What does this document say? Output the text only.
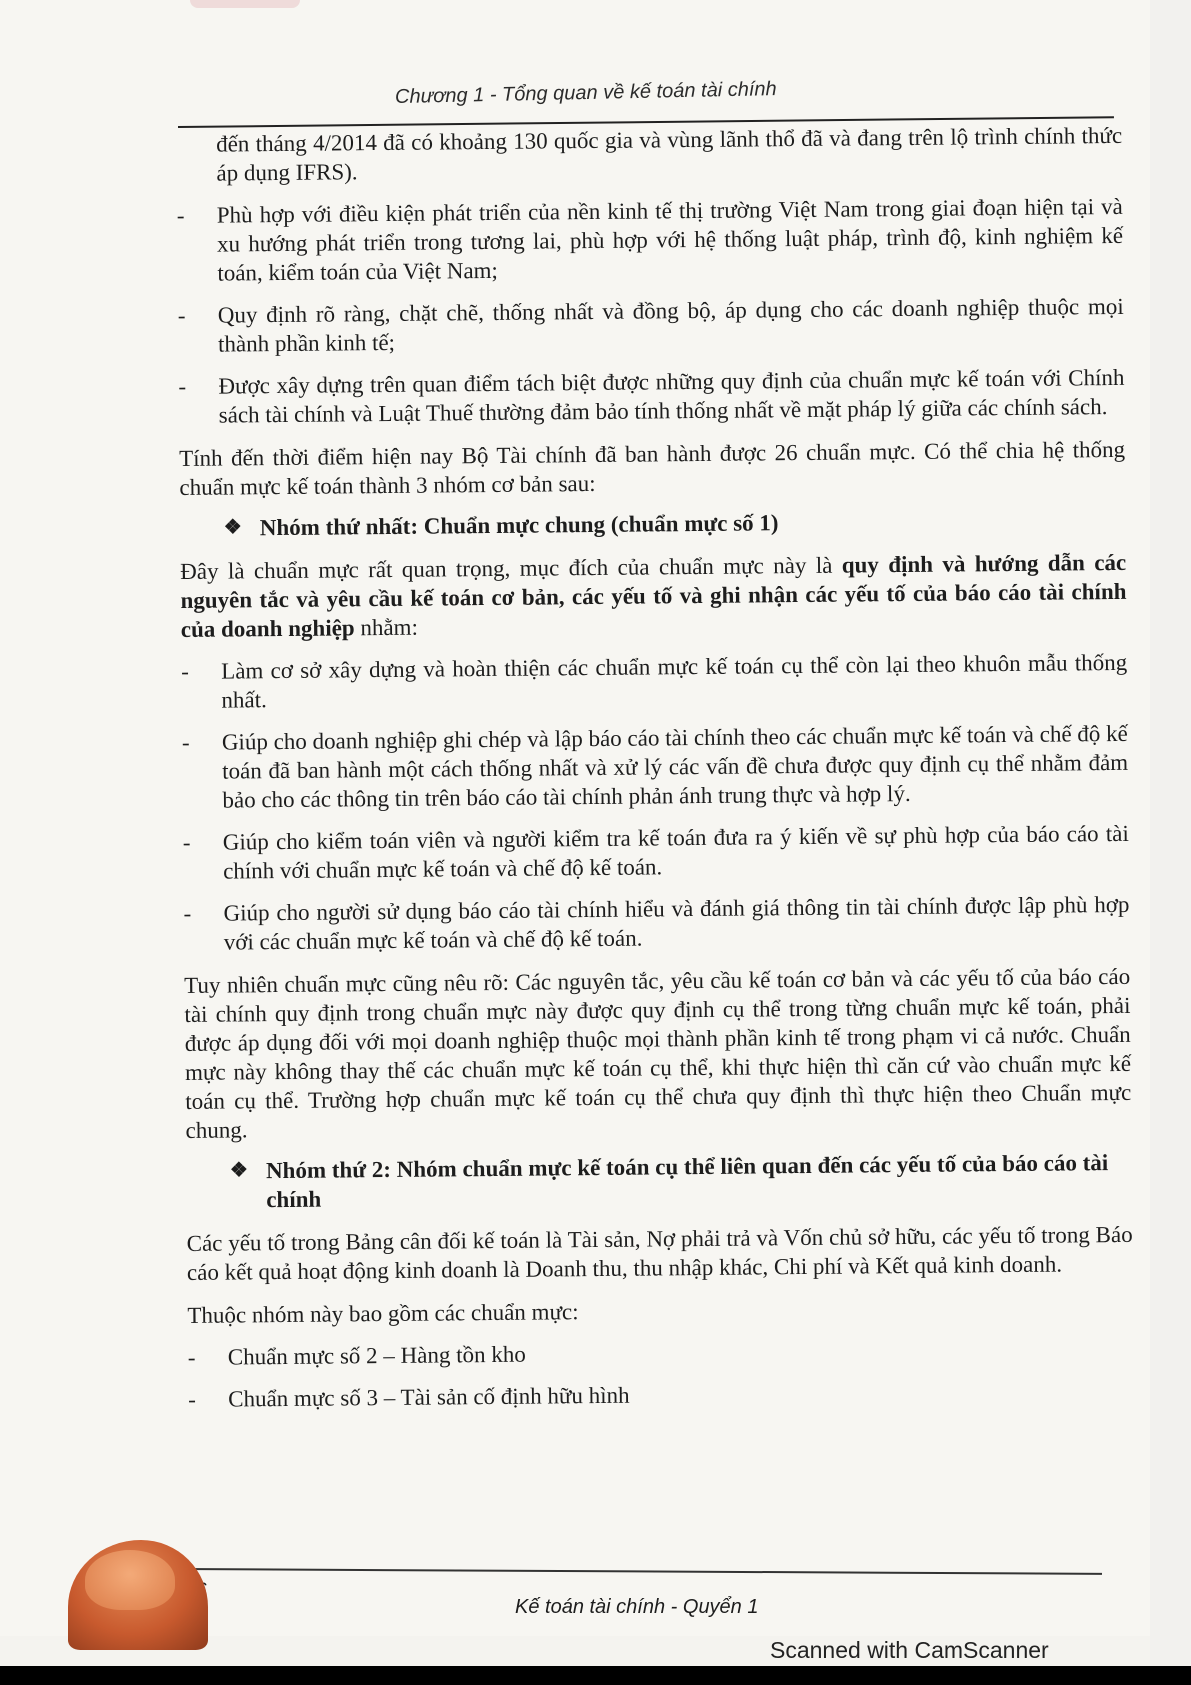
Chương 1 - Tổng quan về kế toán tài chính

đến tháng 4/2014 đã có khoảng 130 quốc gia và vùng lãnh thổ đã và đang trên lộ trình chính thức áp dụng IFRS).

- Phù hợp với điều kiện phát triển của nền kinh tế thị trường Việt Nam trong giai đoạn hiện tại và xu hướng phát triển trong tương lai, phù hợp với hệ thống luật pháp, trình độ, kinh nghiệm kế toán, kiểm toán của Việt Nam;
- Quy định rõ ràng, chặt chẽ, thống nhất và đồng bộ, áp dụng cho các doanh nghiệp thuộc mọi thành phần kinh tế;
- Được xây dựng trên quan điểm tách biệt được những quy định của chuẩn mực kế toán với Chính sách tài chính và Luật Thuế thường đảm bảo tính thống nhất về mặt pháp lý giữa các chính sách.

Tính đến thời điểm hiện nay Bộ Tài chính đã ban hành được 26 chuẩn mực. Có thể chia hệ thống chuẩn mực kế toán thành 3 nhóm cơ bản sau:

❖ Nhóm thứ nhất: Chuẩn mực chung (chuẩn mực số 1)

Đây là chuẩn mực rất quan trọng, mục đích của chuẩn mực này là quy định và hướng dẫn các nguyên tắc và yêu cầu kế toán cơ bản, các yếu tố và ghi nhận các yếu tố của báo cáo tài chính của doanh nghiệp nhằm:

- Làm cơ sở xây dựng và hoàn thiện các chuẩn mực kế toán cụ thể còn lại theo khuôn mẫu thống nhất.
- Giúp cho doanh nghiệp ghi chép và lập báo cáo tài chính theo các chuẩn mực kế toán và chế độ kế toán đã ban hành một cách thống nhất và xử lý các vấn đề chưa được quy định cụ thể nhằm đảm bảo cho các thông tin trên báo cáo tài chính phản ánh trung thực và hợp lý.
- Giúp cho kiểm toán viên và người kiểm tra kế toán đưa ra ý kiến về sự phù hợp của báo cáo tài chính với chuẩn mực kế toán và chế độ kế toán.
- Giúp cho người sử dụng báo cáo tài chính hiểu và đánh giá thông tin tài chính được lập phù hợp với các chuẩn mực kế toán và chế độ kế toán.

Tuy nhiên chuẩn mực cũng nêu rõ: Các nguyên tắc, yêu cầu kế toán cơ bản và các yếu tố của báo cáo tài chính quy định trong chuẩn mực này được quy định cụ thể trong từng chuẩn mực kế toán, phải được áp dụng đối với mọi doanh nghiệp thuộc mọi thành phần kinh tế trong phạm vi cả nước. Chuẩn mực này không thay thế các chuẩn mực kế toán cụ thể, khi thực hiện thì căn cứ vào chuẩn mực kế toán cụ thể. Trường hợp chuẩn mực kế toán cụ thể chưa quy định thì thực hiện theo Chuẩn mực chung.

❖ Nhóm thứ 2: Nhóm chuẩn mực kế toán cụ thể liên quan đến các yếu tố của báo cáo tài chính

Các yếu tố trong Bảng cân đối kế toán là Tài sản, Nợ phải trả và Vốn chủ sở hữu, các yếu tố trong Báo cáo kết quả hoạt động kinh doanh là Doanh thu, thu nhập khác, Chi phí và Kết quả kinh doanh.

Thuộc nhóm này bao gồm các chuẩn mực:

- Chuẩn mực số 2 – Hàng tồn kho
- Chuẩn mực số 3 – Tài sản cố định hữu hình
Kế toán tài chính - Quyển 1
Scanned with CamScanner
